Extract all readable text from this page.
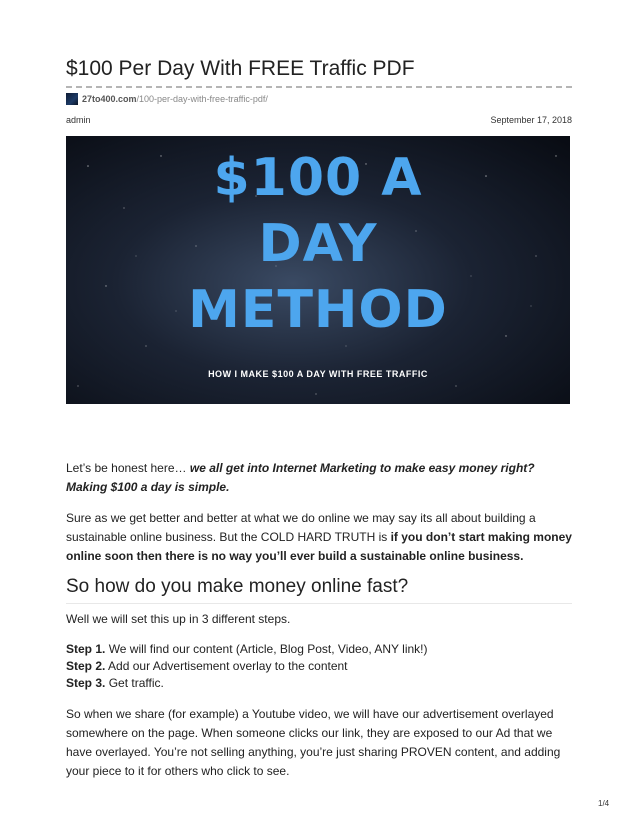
$100 Per Day With FREE Traffic PDF
27to400.com /100-per-day-with-free-traffic-pdf/
admin	September 17, 2018
$100 A
DAY
METHOD
HOW I MAKE $100 A DAY WITH FREE TRAFFIC

Let’s be honest here… we all get into Internet Marketing to make easy money right? Making $100 a day is simple.

Sure as we get better and better at what we do online we may say its all about building a sustainable online business. But the COLD HARD TRUTH is if you don’t start making money online soon then there is no way you’ll ever build a sustainable online business.

So how do you make money online fast?

Well we will set this up in 3 different steps.

Step 1. We will find our content (Article, Blog Post, Video, ANY link!)
Step 2. Add our Advertisement overlay to the content
Step 3. Get traffic.

So when we share (for example) a Youtube video, we will have our advertisement overlayed somewhere on the page. When someone clicks our link, they are exposed to our Ad that we have overlayed. You’re not selling anything, you’re just sharing PROVEN content, and adding your piece to it for others who click to see.

1/4
